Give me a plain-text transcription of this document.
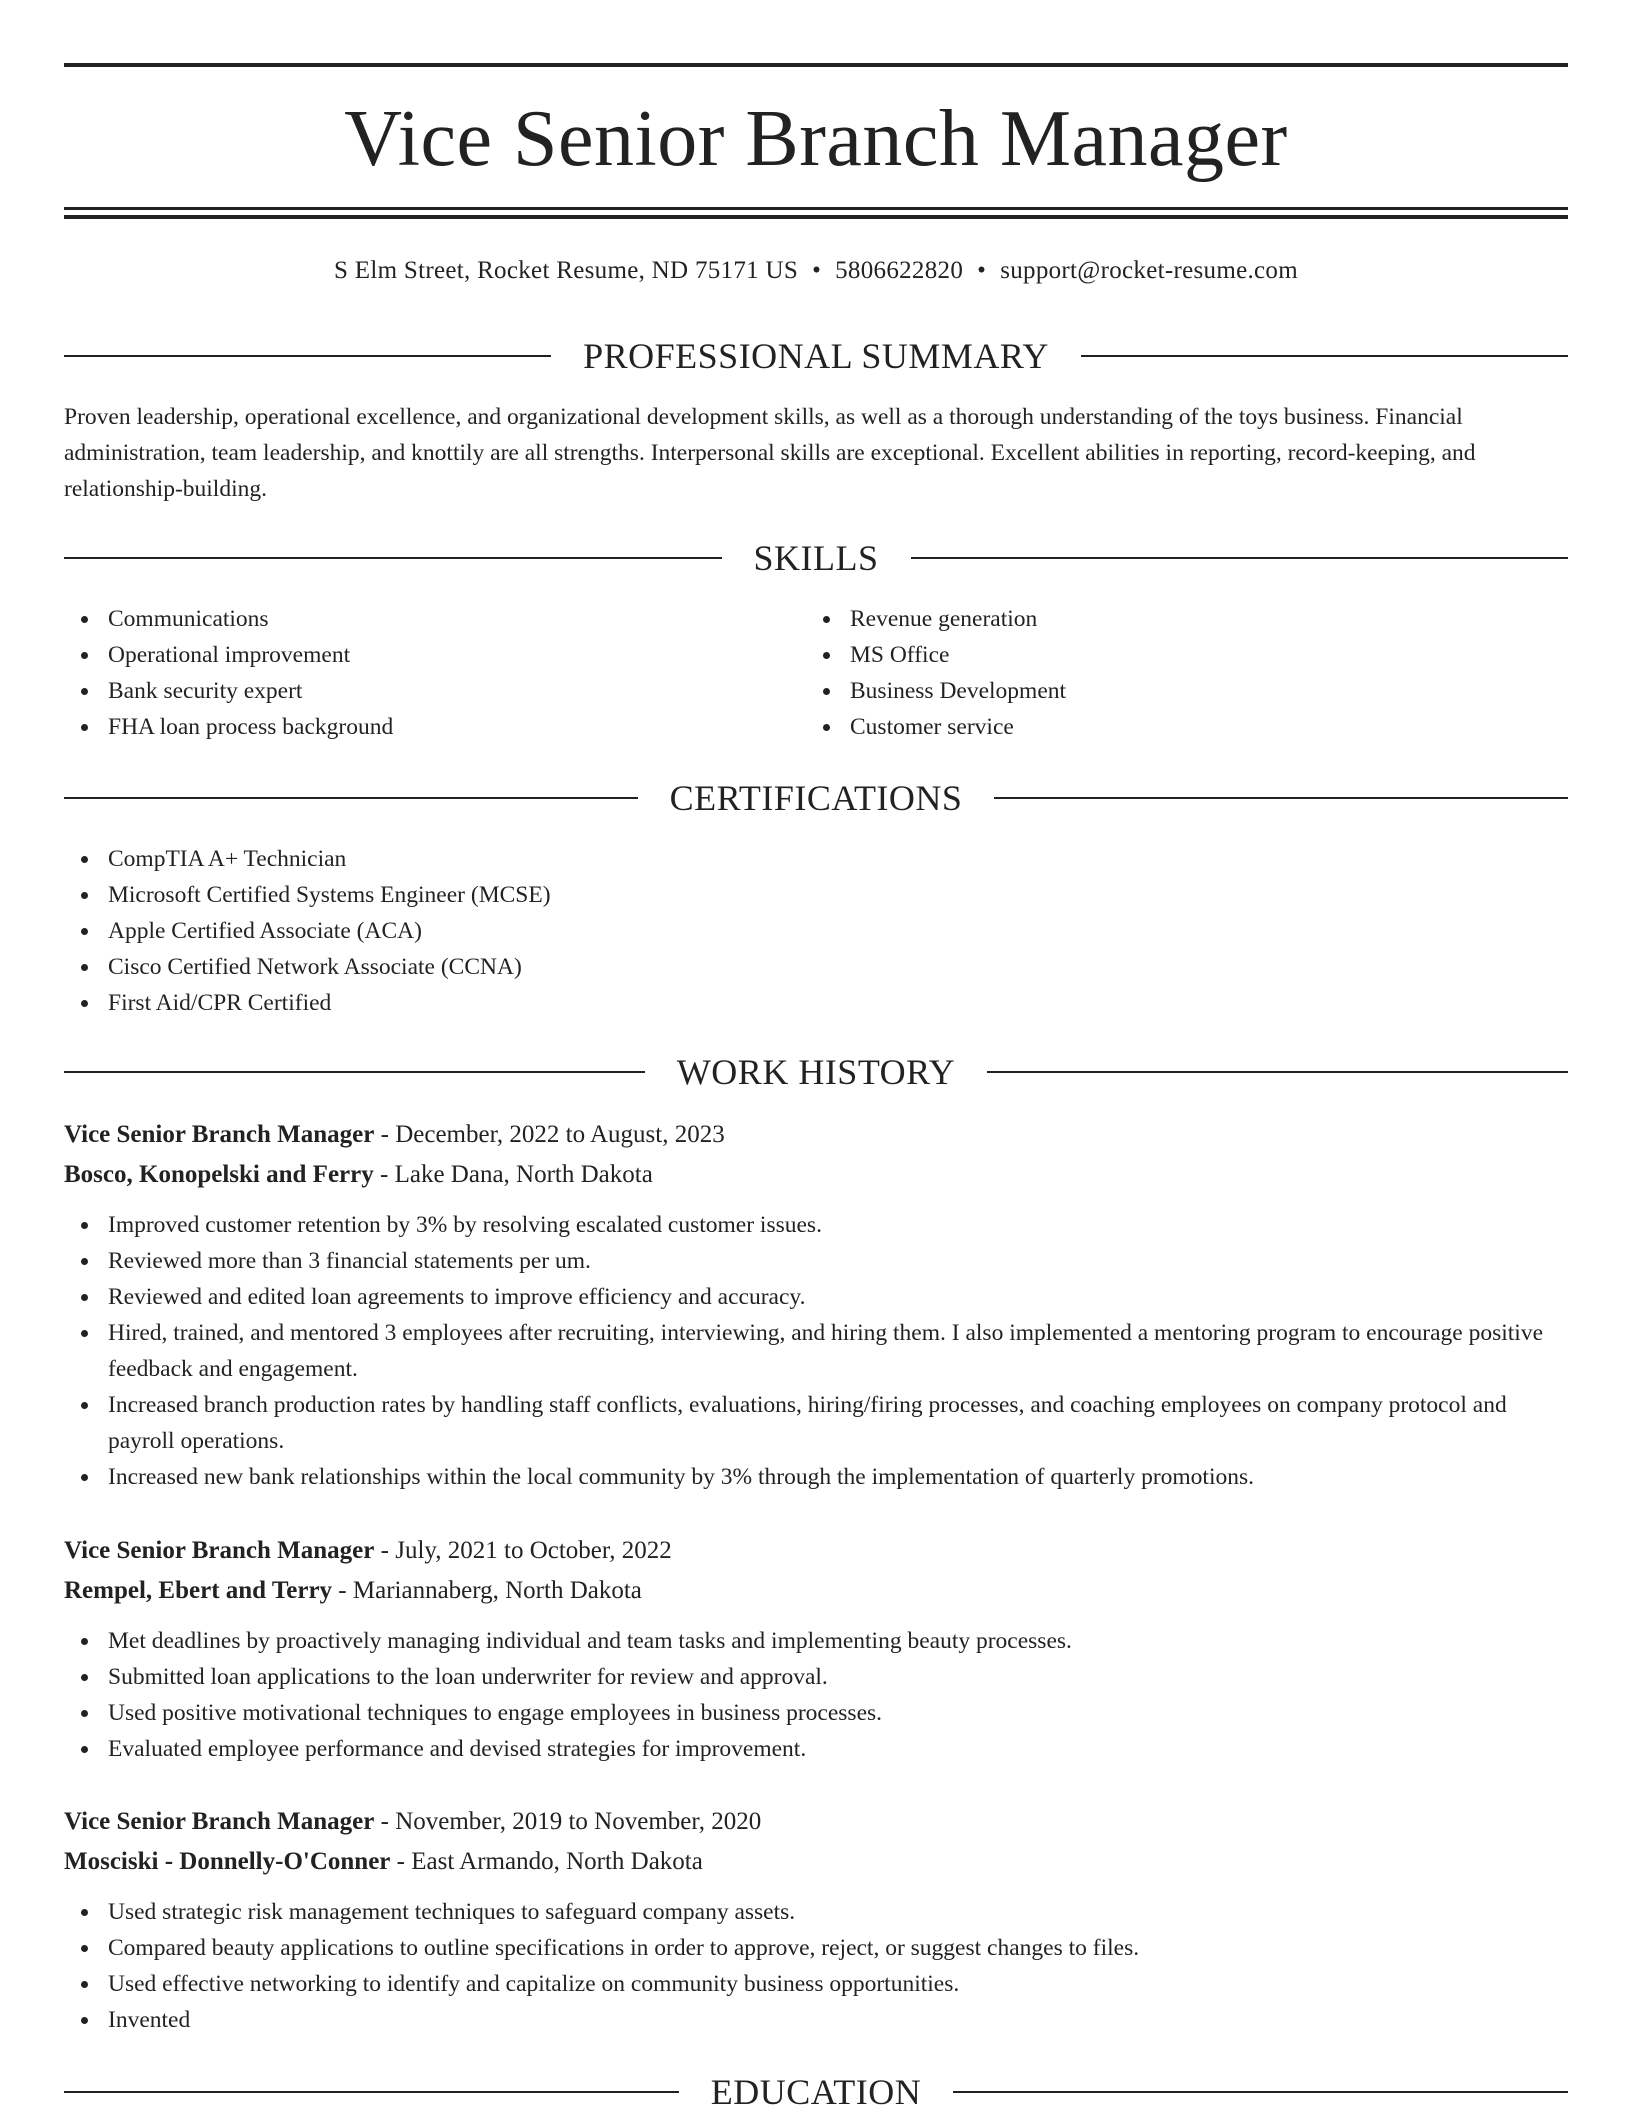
Vice Senior Branch Manager
S Elm Street, Rocket Resume, ND 75171 US • 5806622820 • support@rocket-resume.com
PROFESSIONAL SUMMARY

Proven leadership, operational excellence, and organizational development skills, as well as a thorough understanding of the toys business. Financial administration, team leadership, and knottily are all strengths. Interpersonal skills are exceptional. Excellent abilities in reporting, record-keeping, and relationship-building.

SKILLS
Communications
Operational improvement
Bank security expert
FHA loan process background
Revenue generation
MS Office
Business Development
Customer service
CERTIFICATIONS
CompTIA A+ Technician
Microsoft Certified Systems Engineer (MCSE)
Apple Certified Associate (ACA)
Cisco Certified Network Associate (CCNA)
First Aid/CPR Certified
WORK HISTORY
Vice Senior Branch Manager - December, 2022 to August, 2023
Bosco, Konopelski and Ferry - Lake Dana, North Dakota
Improved customer retention by 3% by resolving escalated customer issues.
Reviewed more than 3 financial statements per um.
Reviewed and edited loan agreements to improve efficiency and accuracy.
Hired, trained, and mentored 3 employees after recruiting, interviewing, and hiring them. I also implemented a mentoring program to encourage positive feedback and engagement.
Increased branch production rates by handling staff conflicts, evaluations, hiring/firing processes, and coaching employees on company protocol and payroll operations.
Increased new bank relationships within the local community by 3% through the implementation of quarterly promotions.
Vice Senior Branch Manager - July, 2021 to October, 2022
Rempel, Ebert and Terry - Mariannaberg, North Dakota
Met deadlines by proactively managing individual and team tasks and implementing beauty processes.
Submitted loan applications to the loan underwriter for review and approval.
Used positive motivational techniques to engage employees in business processes.
Evaluated employee performance and devised strategies for improvement.
Vice Senior Branch Manager - November, 2019 to November, 2020
Mosciski - Donnelly-O'Conner - East Armando, North Dakota
Used strategic risk management techniques to safeguard company assets.
Compared beauty applications to outline specifications in order to approve, reject, or suggest changes to files.
Used effective networking to identify and capitalize on community business opportunities.
Invented
EDUCATION
